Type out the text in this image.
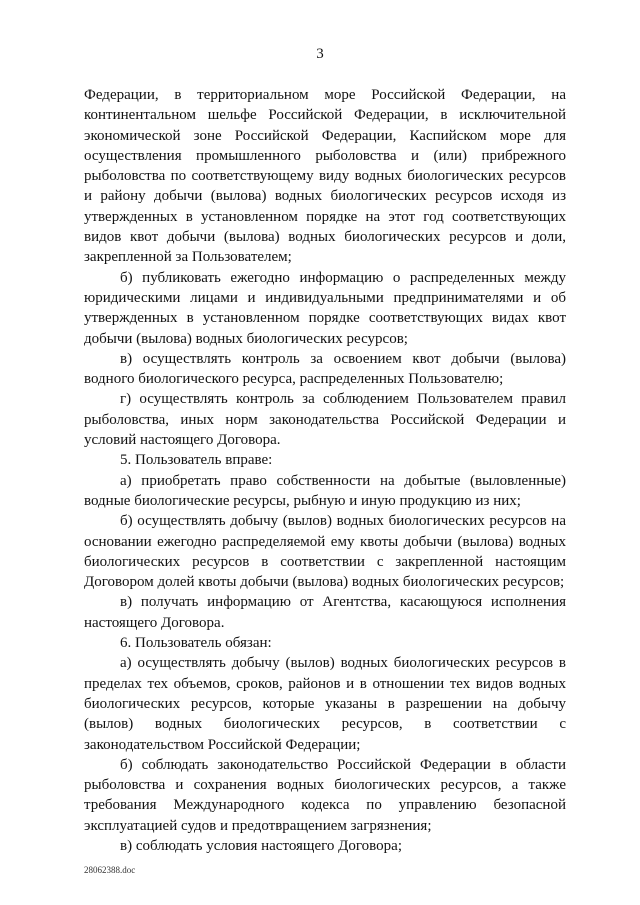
3

Федерации, в территориальном море Российской Федерации, на континентальном шельфе Российской Федерации, в исключительной экономической зоне Российской Федерации, Каспийском море для осуществления промышленного рыболовства и (или) прибрежного рыболовства по соответствующему виду водных биологических ресурсов и району добычи (вылова) водных биологических ресурсов исходя из утвержденных в установленном порядке на этот год соответствующих видов квот добычи (вылова) водных биологических ресурсов и доли, закрепленной за Пользователем;

б) публиковать ежегодно информацию о распределенных между юридическими лицами и индивидуальными предпринимателями и об утвержденных в установленном порядке соответствующих видах квот добычи (вылова) водных биологических ресурсов;

в) осуществлять контроль за освоением квот добычи (вылова) водного биологического ресурса, распределенных Пользователю;

г) осуществлять контроль за соблюдением Пользователем правил рыболовства, иных норм законодательства Российской Федерации и условий настоящего Договора.

5. Пользователь вправе:

а) приобретать право собственности на добытые (выловленные) водные биологические ресурсы, рыбную и иную продукцию из них;

б) осуществлять добычу (вылов) водных биологических ресурсов на основании ежегодно распределяемой ему квоты добычи (вылова) водных биологических ресурсов в соответствии с закрепленной настоящим Договором долей квоты добычи (вылова) водных биологических ресурсов;

в) получать информацию от Агентства, касающуюся исполнения настоящего Договора.

6. Пользователь обязан:

а) осуществлять добычу (вылов) водных биологических ресурсов в пределах тех объемов, сроков, районов и в отношении тех видов водных биологических ресурсов, которые указаны в разрешении на добычу (вылов) водных биологических ресурсов, в соответствии с законодательством Российской Федерации;

б) соблюдать законодательство Российской Федерации в области рыболовства и сохранения водных биологических ресурсов, а также требования Международного кодекса по управлению безопасной эксплуатацией судов и предотвращением загрязнения;

в) соблюдать условия настоящего Договора;

28062388.doc
